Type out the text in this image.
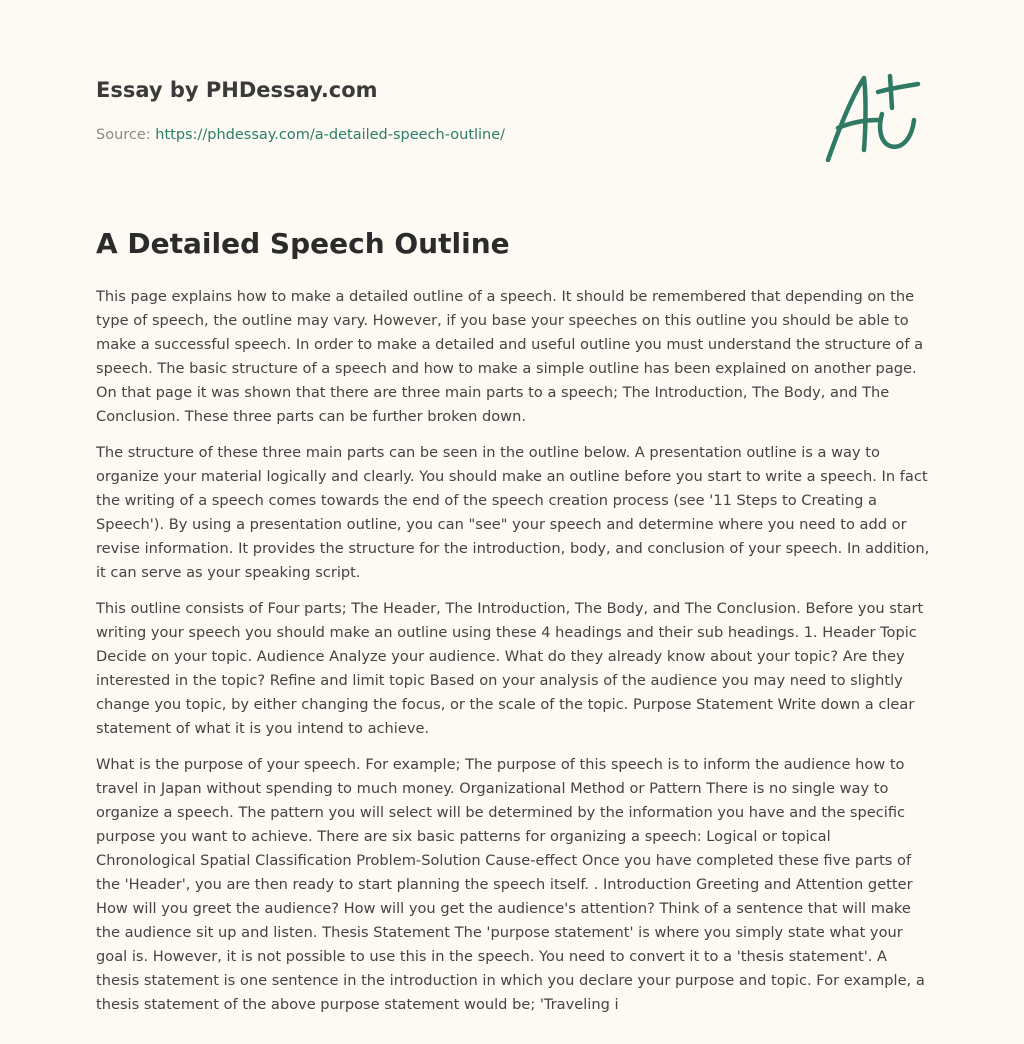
Essay by PHDessay.com
Source: https://phdessay.com/a-detailed-speech-outline/
A Detailed Speech Outline

This page explains how to make a detailed outline of a speech. It should be remembered that depending on the type of speech, the outline may vary. However, if you base your speeches on this outline you should be able to make a successful speech. In order to make a detailed and useful outline you must understand the structure of a speech. The basic structure of a speech and how to make a simple outline has been explained on another page. On that page it was shown that there are three main parts to a speech; The Introduction, The Body, and The Conclusion. These three parts can be further broken down.

The structure of these three main parts can be seen in the outline below. A presentation outline is a way to organize your material logically and clearly. You should make an outline before you start to write a speech. In fact the writing of a speech comes towards the end of the speech creation process (see '11 Steps to Creating a Speech'). By using a presentation outline, you can "see" your speech and determine where you need to add or revise information. It provides the structure for the introduction, body, and conclusion of your speech. In addition, it can serve as your speaking script.

This outline consists of Four parts; The Header, The Introduction, The Body, and The Conclusion. Before you start writing your speech you should make an outline using these 4 headings and their sub headings. 1. Header Topic Decide on your topic. Audience Analyze your audience. What do they already know about your topic? Are they interested in the topic? Refine and limit topic Based on your analysis of the audience you may need to slightly change you topic, by either changing the focus, or the scale of the topic. Purpose Statement Write down a clear statement of what it is you intend to achieve.

What is the purpose of your speech. For example; The purpose of this speech is to inform the audience how to travel in Japan without spending to much money. Organizational Method or Pattern There is no single way to organize a speech. The pattern you will select will be determined by the information you have and the specific purpose you want to achieve. There are six basic patterns for organizing a speech: Logical or topical Chronological Spatial Classification Problem-Solution Cause-effect Once you have completed these five parts of the 'Header', you are then ready to start planning the speech itself. . Introduction Greeting and Attention getter How will you greet the audience? How will you get the audience's attention? Think of a sentence that will make the audience sit up and listen. Thesis Statement The 'purpose statement' is where you simply state what your goal is. However, it is not possible to use this in the speech. You need to convert it to a 'thesis statement'. A thesis statement is one sentence in the introduction in which you declare your purpose and topic. For example, a thesis statement of the above purpose statement would be; 'Traveling i
